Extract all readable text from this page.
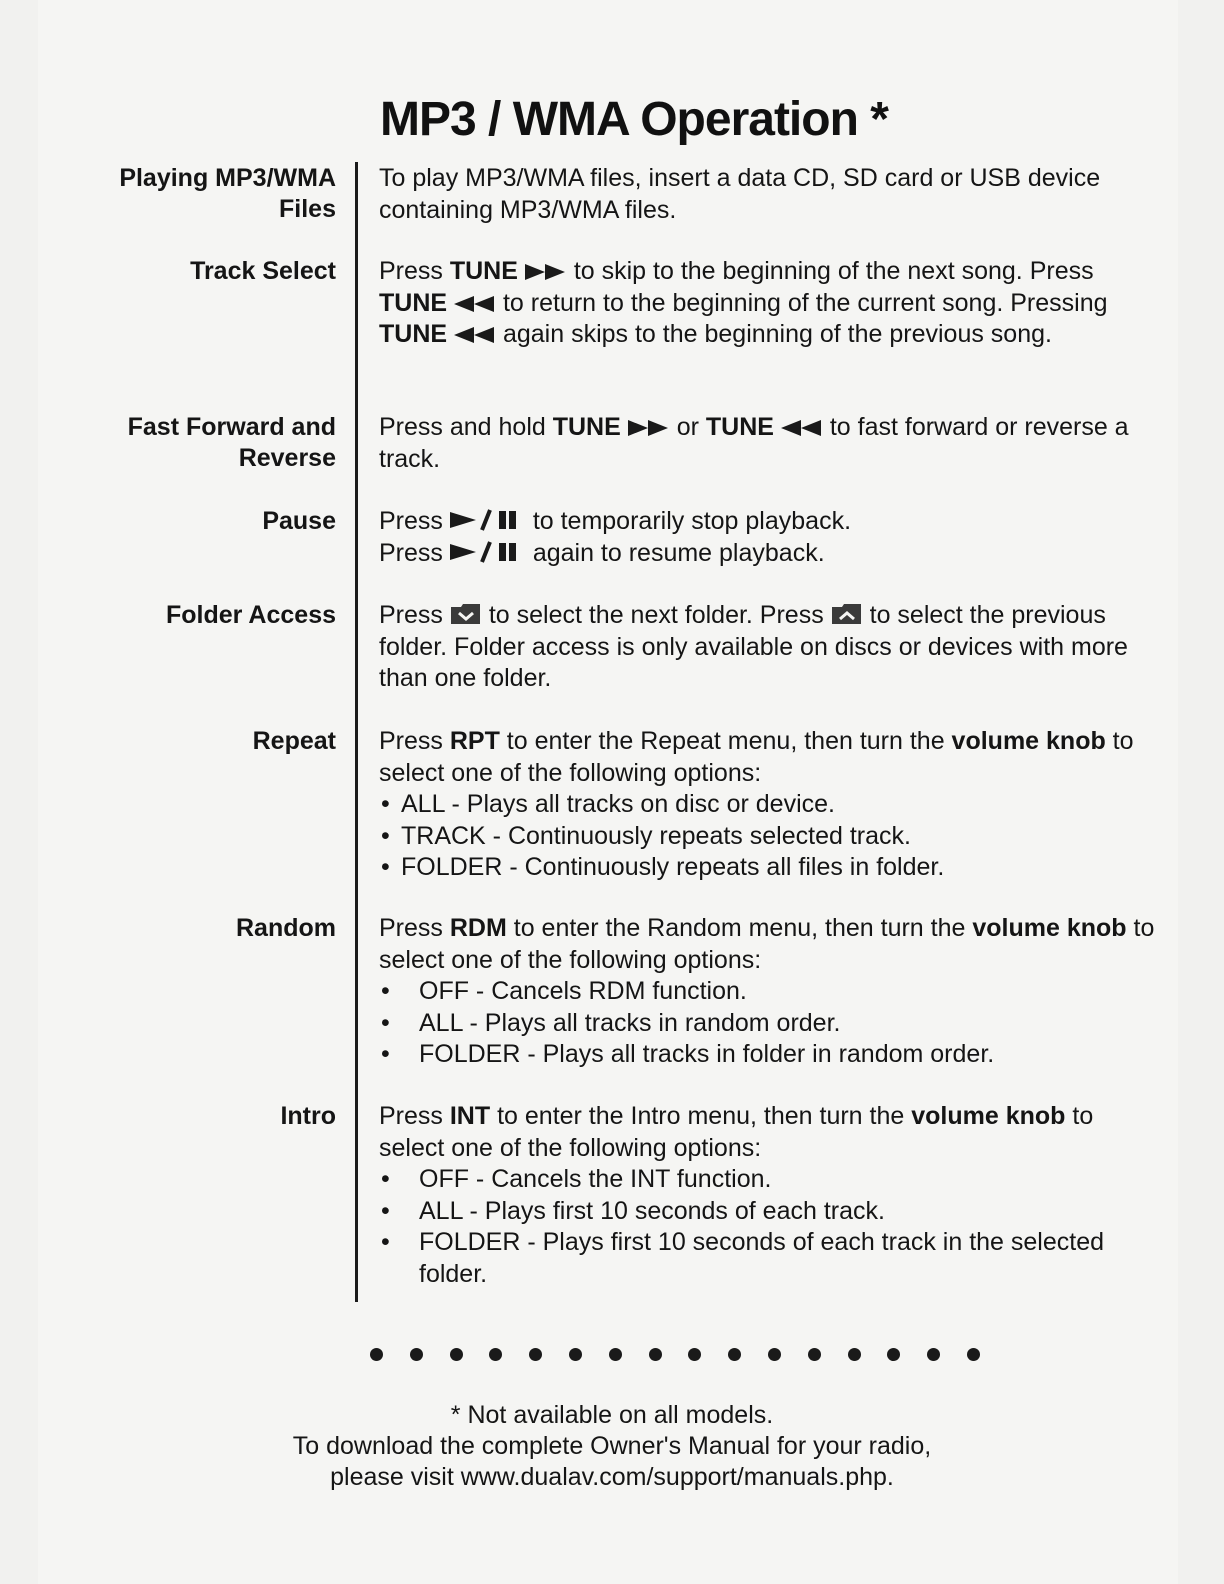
MP3 / WMA Operation *
Playing MP3/WMA
Files

To play MP3/WMA files, insert a data CD, SD card or USB device containing MP3/WMA files.

Track Select Press TUNE
to skip to the beginning of the next song. Press TUNE
to return to the beginning of the current song. Pressing TUNE
again skips to the beginning of the previous song.

Fast Forward and
Reverse

Press and hold TUNE
or TUNE
to fast forward or reverse a track.

Pause Press	to temporarily stop playback.

Press	again to resume playback.

Folder Access Press
to select the next folder. Press
to select the previous folder. Folder access is only available on discs or devices with more than one folder.

Repeat Press RPT to enter the Repeat menu, then turn the volume knob to select one of the following options:

• ALL - Plays all tracks on disc or device.
• TRACK - Continuously repeats selected track.
• FOLDER - Continuously repeats all files in folder.
Random Press RDM to enter the Random menu, then turn the volume knob to select one of the following options:

• OFF - Cancels RDM function.
• ALL - Plays all tracks in random order.
• FOLDER - Plays all tracks in folder in random order.
Intro Press INT to enter the Intro menu, then turn the volume knob to select one of the following options:

• OFF - Cancels the INT function.
• ALL - Plays first 10 seconds of each track.
• FOLDER - Plays first 10 seconds of each track in the selected folder.

* Not available on all models.

To download the complete Owner's Manual for your radio,

please visit www.dualav.com/support/manuals.php.
